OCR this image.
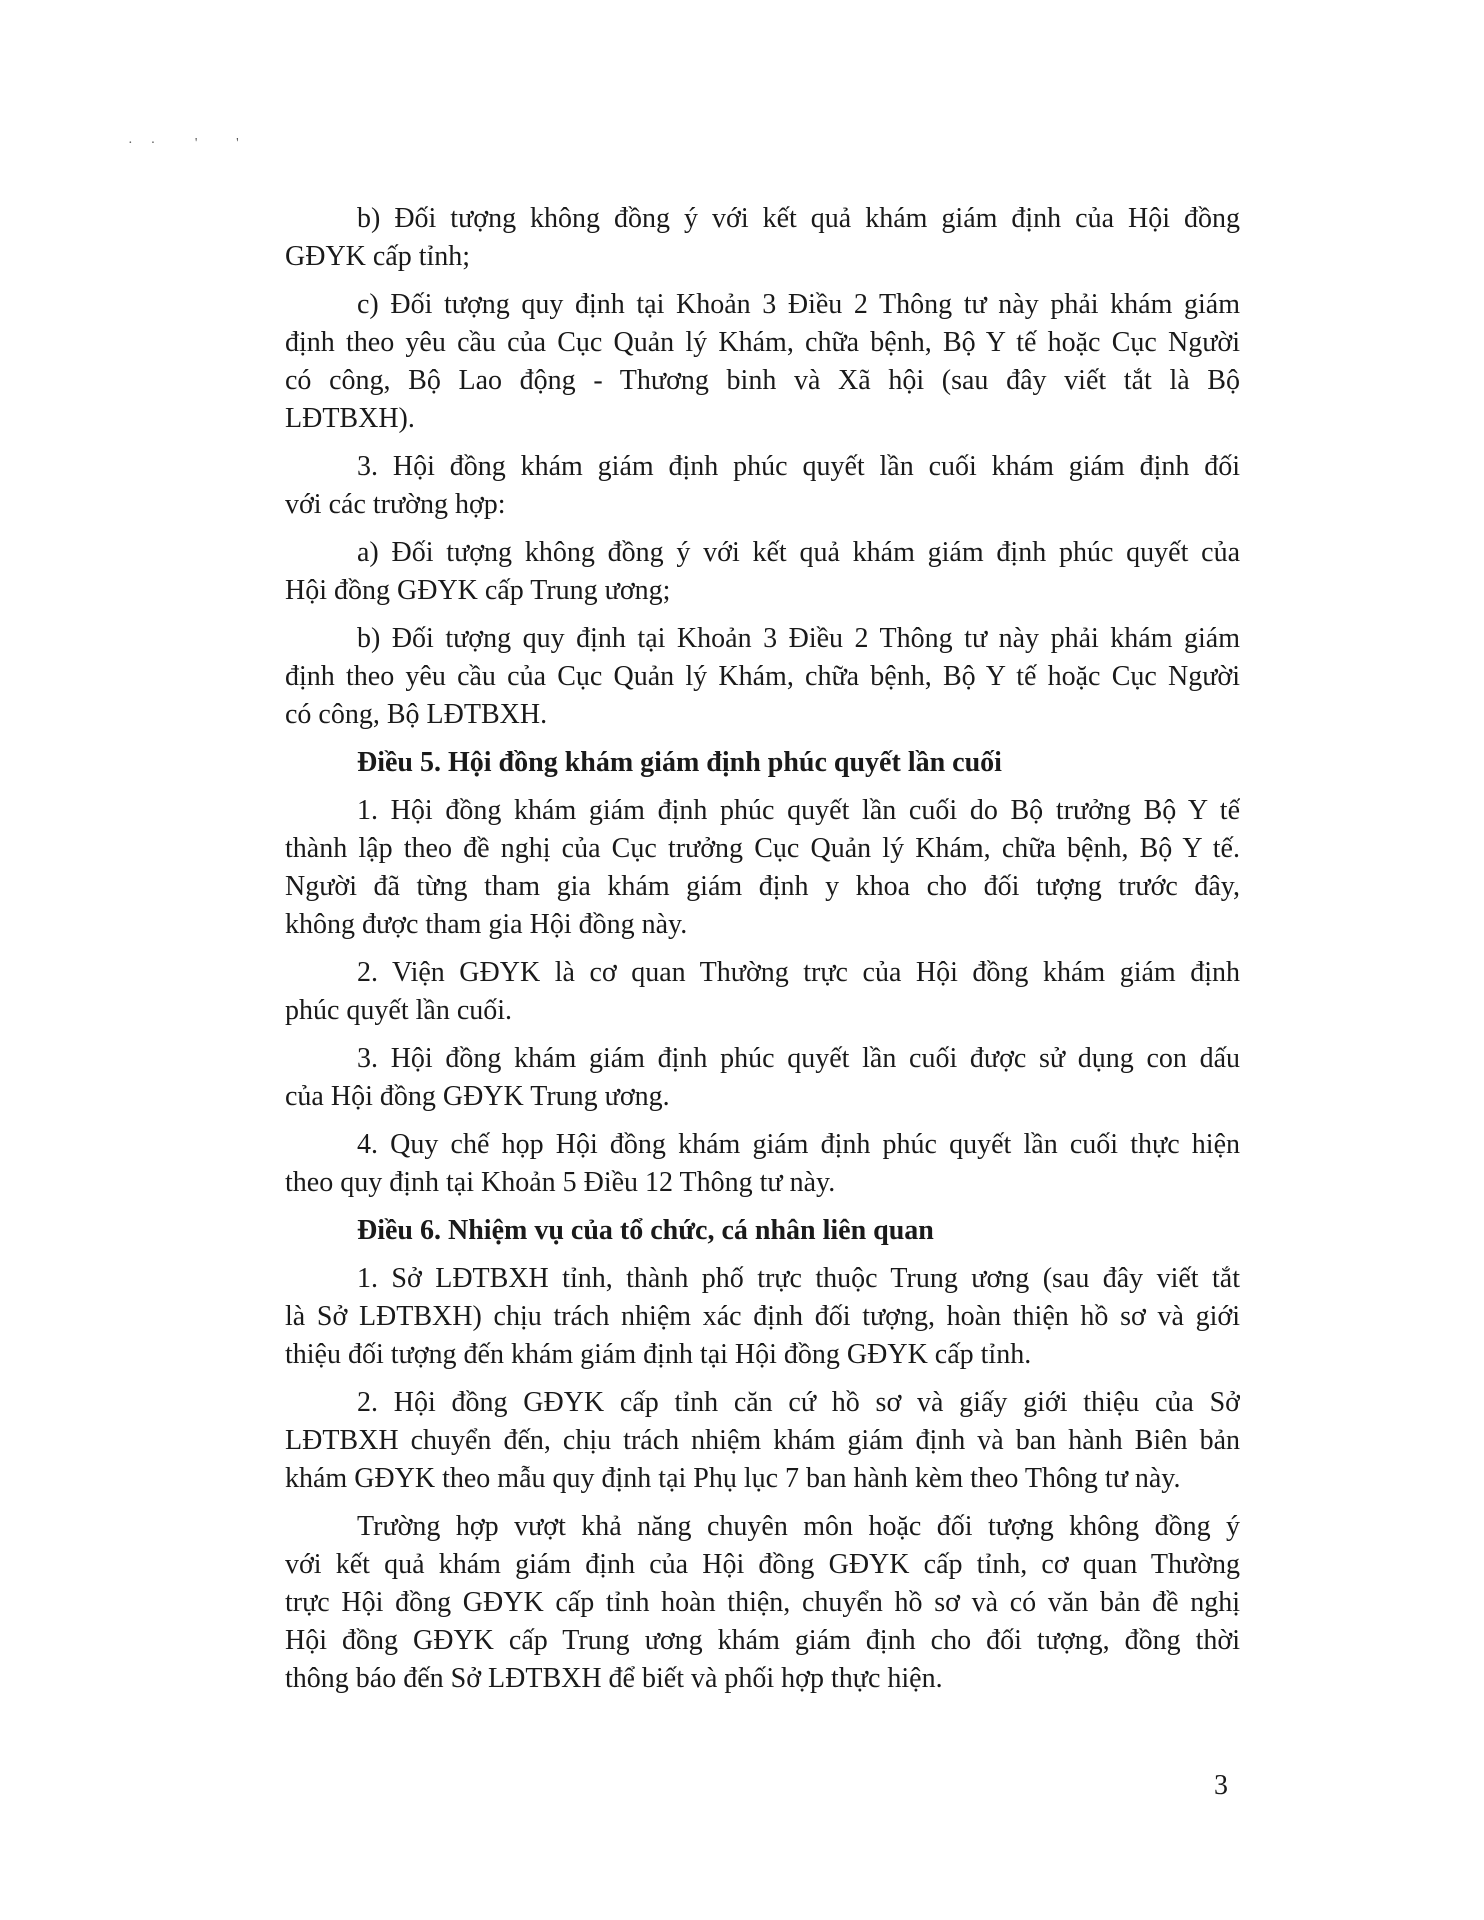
·· ' '
b) Đối tượng không đồng ý với kết quả khám giám định của Hội đồng
GĐYK cấp tỉnh;
c) Đối tượng quy định tại Khoản 3 Điều 2 Thông tư này phải khám giám
định theo yêu cầu của Cục Quản lý Khám, chữa bệnh, Bộ Y tế hoặc Cục Người
có công, Bộ Lao động - Thương binh và Xã hội (sau đây viết tắt là Bộ
LĐTBXH).
3. Hội đồng khám giám định phúc quyết lần cuối khám giám định đối
với các trường hợp:
a) Đối tượng không đồng ý với kết quả khám giám định phúc quyết của
Hội đồng GĐYK cấp Trung ương;
b) Đối tượng quy định tại Khoản 3 Điều 2 Thông tư này phải khám giám
định theo yêu cầu của Cục Quản lý Khám, chữa bệnh, Bộ Y tế hoặc Cục Người
có công, Bộ LĐTBXH.
Điều 5. Hội đồng khám giám định phúc quyết lần cuối
1. Hội đồng khám giám định phúc quyết lần cuối do Bộ trưởng Bộ Y tế
thành lập theo đề nghị của Cục trưởng Cục Quản lý Khám, chữa bệnh, Bộ Y tế.
Người đã từng tham gia khám giám định y khoa cho đối tượng trước đây,
không được tham gia Hội đồng này.
2. Viện GĐYK là cơ quan Thường trực của Hội đồng khám giám định
phúc quyết lần cuối.
3. Hội đồng khám giám định phúc quyết lần cuối được sử dụng con dấu
của Hội đồng GĐYK Trung ương.
4. Quy chế họp Hội đồng khám giám định phúc quyết lần cuối thực hiện
theo quy định tại Khoản 5 Điều 12 Thông tư này.
Điều 6. Nhiệm vụ của tổ chức, cá nhân liên quan
1. Sở LĐTBXH tỉnh, thành phố trực thuộc Trung ương (sau đây viết tắt
là Sở LĐTBXH) chịu trách nhiệm xác định đối tượng, hoàn thiện hồ sơ và giới
thiệu đối tượng đến khám giám định tại Hội đồng GĐYK cấp tỉnh.
2. Hội đồng GĐYK cấp tỉnh căn cứ hồ sơ và giấy giới thiệu của Sở
LĐTBXH chuyển đến, chịu trách nhiệm khám giám định và ban hành Biên bản
khám GĐYK theo mẫu quy định tại Phụ lục 7 ban hành kèm theo Thông tư này.
Trường hợp vượt khả năng chuyên môn hoặc đối tượng không đồng ý
với kết quả khám giám định của Hội đồng GĐYK cấp tỉnh, cơ quan Thường
trực Hội đồng GĐYK cấp tỉnh hoàn thiện, chuyển hồ sơ và có văn bản đề nghị
Hội đồng GĐYK cấp Trung ương khám giám định cho đối tượng, đồng thời
thông báo đến Sở LĐTBXH để biết và phối hợp thực hiện.
3
